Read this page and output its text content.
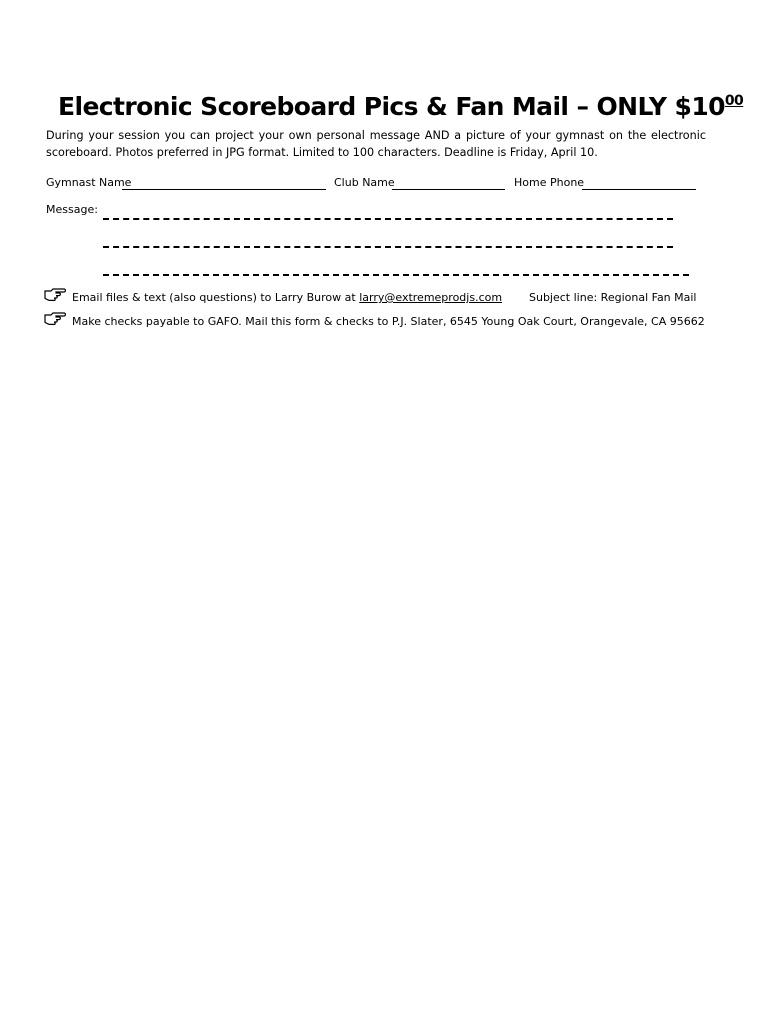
Electronic Scoreboard Pics & Fan Mail – ONLY $\$10^{00}$
During your session you can project your own personal message AND a picture of your gymnast on the electronic
scoreboard. Photos preferred in JPG format. Limited to 100 characters. Deadline is Friday, April 10.
Gymnast Name	Club Name	Home Phone
Message:
Email files & text (also questions) to Larry Burow at larry@extremeprodjs.com Subject line: Regional Fan Mail
Make checks payable to GAFO. Mail this form & checks to P.J. Slater, 6545 Young Oak Court, Orangevale, CA 95662
